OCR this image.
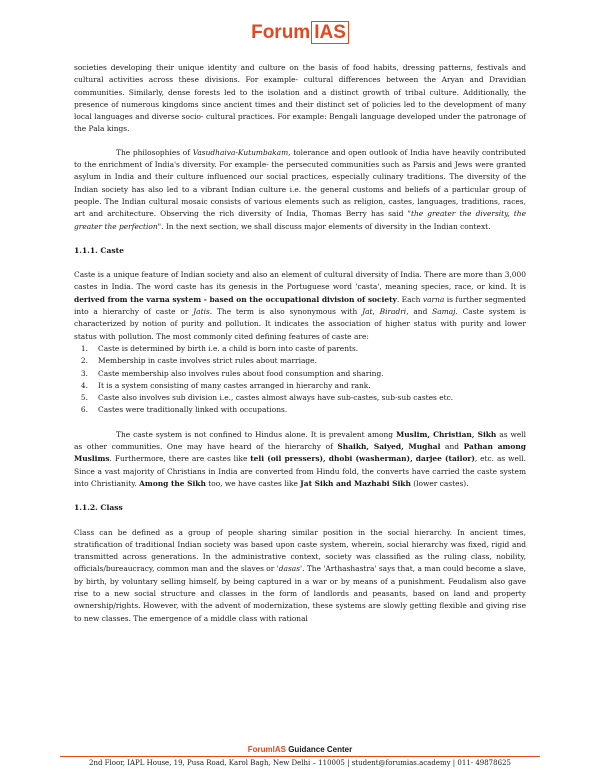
Forum IAS

societies developing their unique identity and culture on the basis of food habits, dressing patterns, festivals and cultural activities across these divisions. For example- cultural differences between the Aryan and Dravidian communities. Similarly, dense forests led to the isolation and a distinct growth of tribal culture. Additionally, the presence of numerous kingdoms since ancient times and their distinct set of policies led to the development of many local languages and diverse socio- cultural practices. For example: Bengali language developed under the patronage of the Pala kings.

The philosophies of Vasudhaiva-Kutumbakam, tolerance and open outlook of India have heavily contributed to the enrichment of India's diversity. For example- the persecuted communities such as Parsis and Jews were granted asylum in India and their culture influenced our social practices, especially culinary traditions. The diversity of the Indian society has also led to a vibrant Indian culture i.e. the general customs and beliefs of a particular group of people. The Indian cultural mosaic consists of various elements such as religion, castes, languages, traditions, races, art and architecture. Observing the rich diversity of India, Thomas Berry has said "the greater the diversity, the greater the perfection". In the next section, we shall discuss major elements of diversity in the Indian context.

1.1.1. Caste

Caste is a unique feature of Indian society and also an element of cultural diversity of India. There are more than 3,000 castes in India. The word caste has its genesis in the Portuguese word 'casta', meaning species, race, or kind. It is derived from the varna system - based on the occupational division of society. Each varna is further segmented into a hierarchy of caste or Jatis. The term is also synonymous with Jat, Biradri, and Samaj. Caste system is characterized by notion of purity and pollution. It indicates the association of higher status with purity and lower status with pollution. The most commonly cited defining features of caste are:

1.	Caste is determined by birth i.e. a child is born into caste of parents.
2.	Membership in caste involves strict rules about marriage.
3.	Caste membership also involves rules about food consumption and sharing.
4.	It is a system consisting of many castes arranged in hierarchy and rank.
5.	Caste also involves sub division i.e., castes almost always have sub-castes, sub-sub castes etc.
6.	Castes were traditionally linked with occupations.

The caste system is not confined to Hindus alone. It is prevalent among Muslim, Christian, Sikh as well as other communities. One may have heard of the hierarchy of Shaikh, Saiyed, Mughal and Pathan among Muslims. Furthermore, there are castes like teli (oil pressers), dhobi (washerman), darjee (tailor), etc. as well. Since a vast majority of Christians in India are converted from Hindu fold, the converts have carried the caste system into Christianity. Among the Sikh too, we have castes like Jat Sikh and Mazhabi Sikh (lower castes).

1.1.2. Class

Class can be defined as a group of people sharing similar position in the social hierarchy. In ancient times, stratification of traditional Indian society was based upon caste system, wherein, social hierarchy was fixed, rigid and transmitted across generations. In the administrative context, society was classified as the ruling class, nobility, officials/bureaucracy, common man and the slaves or 'dasas'. The 'Arthashastra' says that, a man could become a slave, by birth, by voluntary selling himself, by being captured in a war or by means of a punishment. Feudalism also gave rise to a new social structure and classes in the form of landlords and peasants, based on land and property ownership/rights. However, with the advent of modernization, these systems are slowly getting flexible and giving rise to new classes. The emergence of a middle class with rational

ForumIAS Guidance Center
2nd Floor, IAPL House, 19, Pusa Road, Karol Bagh, New Delhi – 110005 | student@forumias.academy | 011- 49878625
